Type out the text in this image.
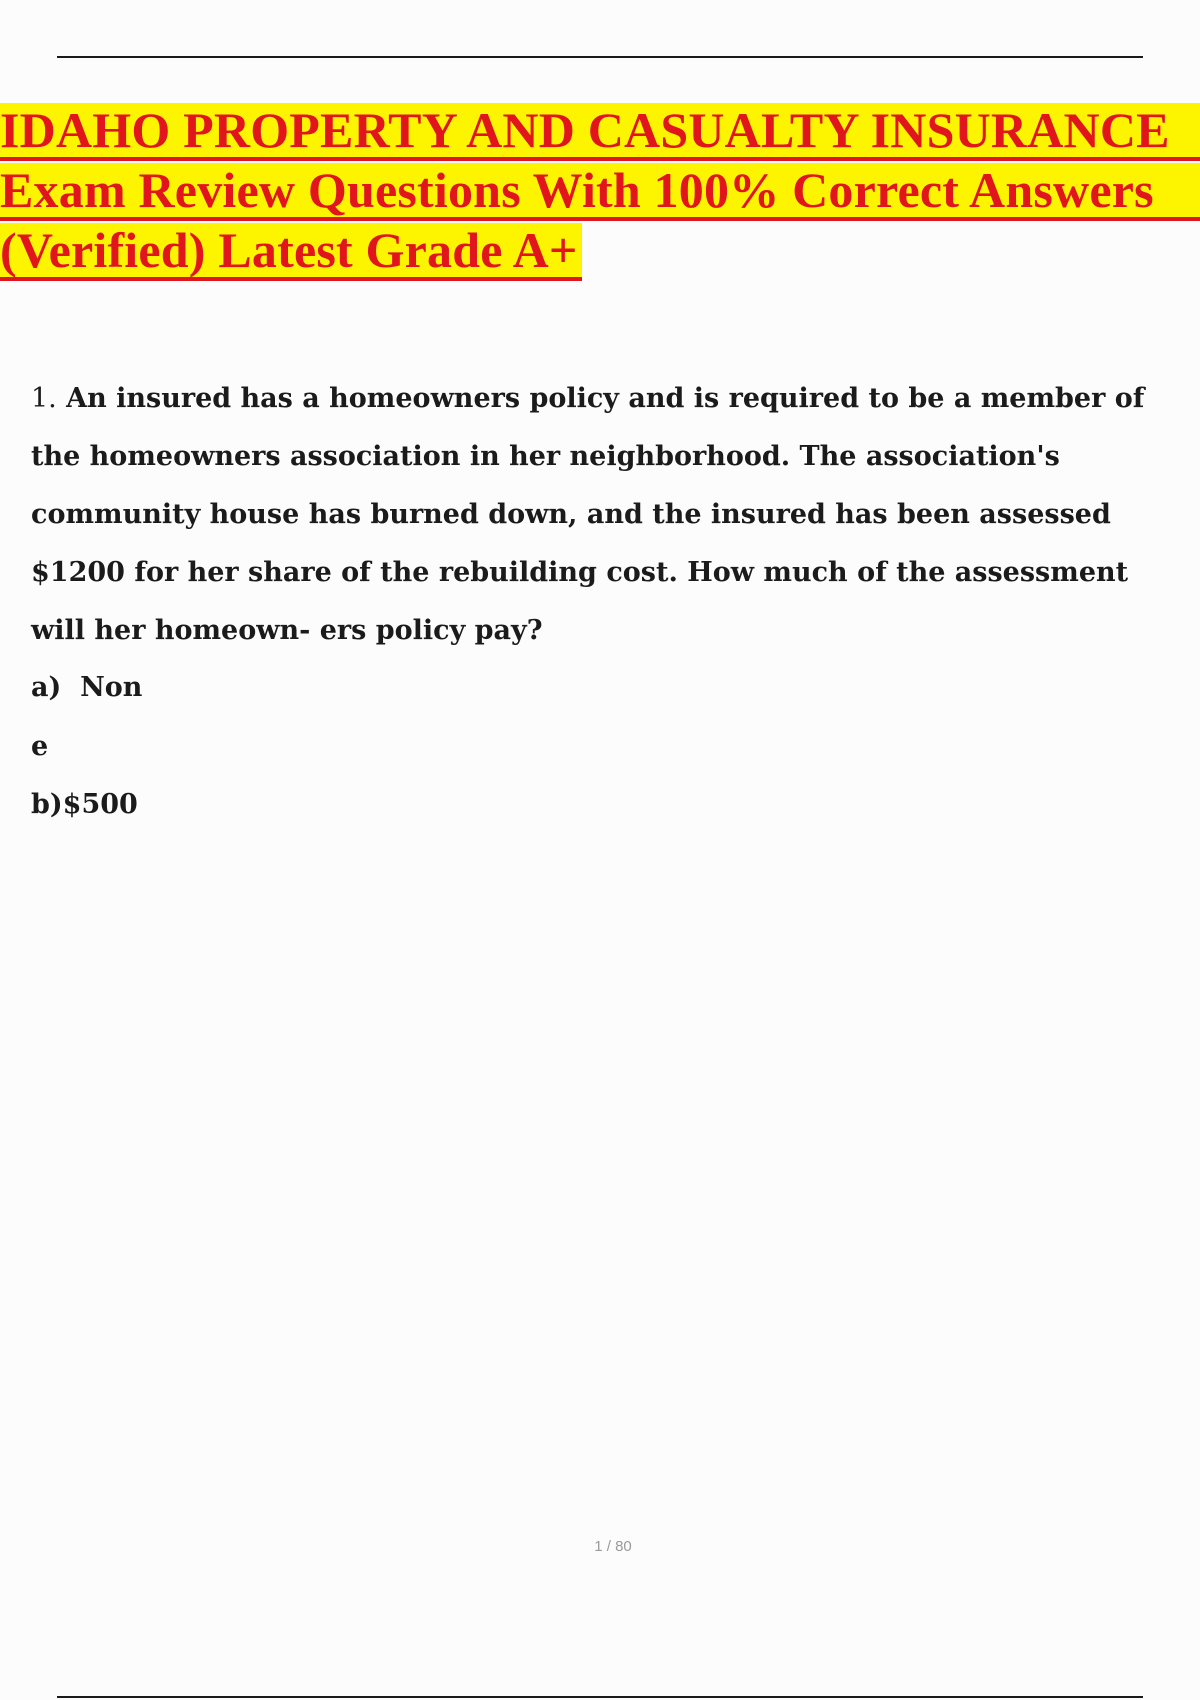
IDAHO PROPERTY AND CASUALTY INSURANCE
Exam Review Questions With 100% Correct Answers
(Verified) Latest Grade A+

1. An insured has a homeowners policy and is required to be a member of the homeowners association in her neighborhood. The association's community house has burned down, and the insured has been assessed $1200 for her share of the rebuilding cost. How much of the assessment will her homeown- ers policy pay?

a) Non
e
b)$500
1 / 80
